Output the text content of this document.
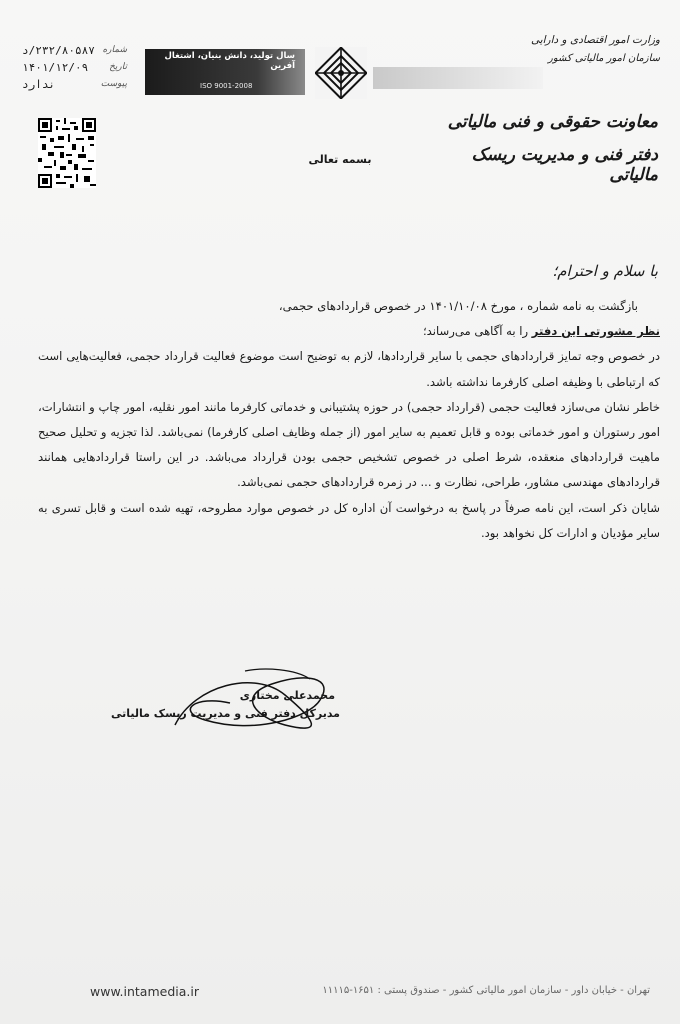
۲۳۲/۸۰۵۸۷/د شماره
۱۴۰۱/۱۲/۰۹ تاریخ
ندارد	پیوست
سال تولید، دانش بنیان، اشتغال آفرین
ISO 9001-2008
وزارت امور اقتصادی و دارایی
سازمان امور مالیاتی کشور
معاونت حقوقی و فنی مالیاتی
دفتر فنی و مدیریت ریسک مالیاتی
بسمه تعالی
با سلام و احترام؛

بازگشت به نامه شماره ، مورخ ۱۴۰۱/۱۰/۰۸ در خصوص قراردادهای حجمی،
نظر مشورتی این دفتر را به آگاهی می‌رساند؛

در خصوص وجه تمایز قراردادهای حجمی با سایر قراردادها، لازم به توضیح است موضوع فعالیت قرارداد حجمی، فعالیت‌هایی است که ارتباطی با وظیفه اصلی کارفرما نداشته باشد.

خاطر نشان می‌سازد فعالیت حجمی (قرارداد حجمی) در حوزه پشتیبانی و خدماتی کارفرما مانند امور نقلیه، امور چاپ و انتشارات، امور رستوران و امور خدماتی بوده و قابل تعمیم به سایر امور (از جمله وظایف اصلی کارفرما) نمی‌باشد. لذا تجزیه و تحلیل صحیح ماهیت قراردادهای منعقده، شرط اصلی در خصوص تشخیص حجمی بودن قرارداد می‌باشد. در این راستا قراردادهایی همانند قراردادهای مهندسی مشاور، طراحی، نظارت و ... در زمره قراردادهای حجمی نمی‌باشد.

شایان ذکر است، این نامه صرفاً در پاسخ به درخواست آن اداره کل در خصوص موارد مطروحه، تهیه شده است و قابل تسری به سایر مؤدیان و ادارات کل نخواهد بود.

محمدعلی مختاری
مدیرکل دفتر فنی و مدیریت ریسک مالیاتی
تهران - خیابان داور - سازمان امور مالیاتی کشور - صندوق پستی : ۱۶۵۱-۱۱۱۱۵
www.intamedia.ir
